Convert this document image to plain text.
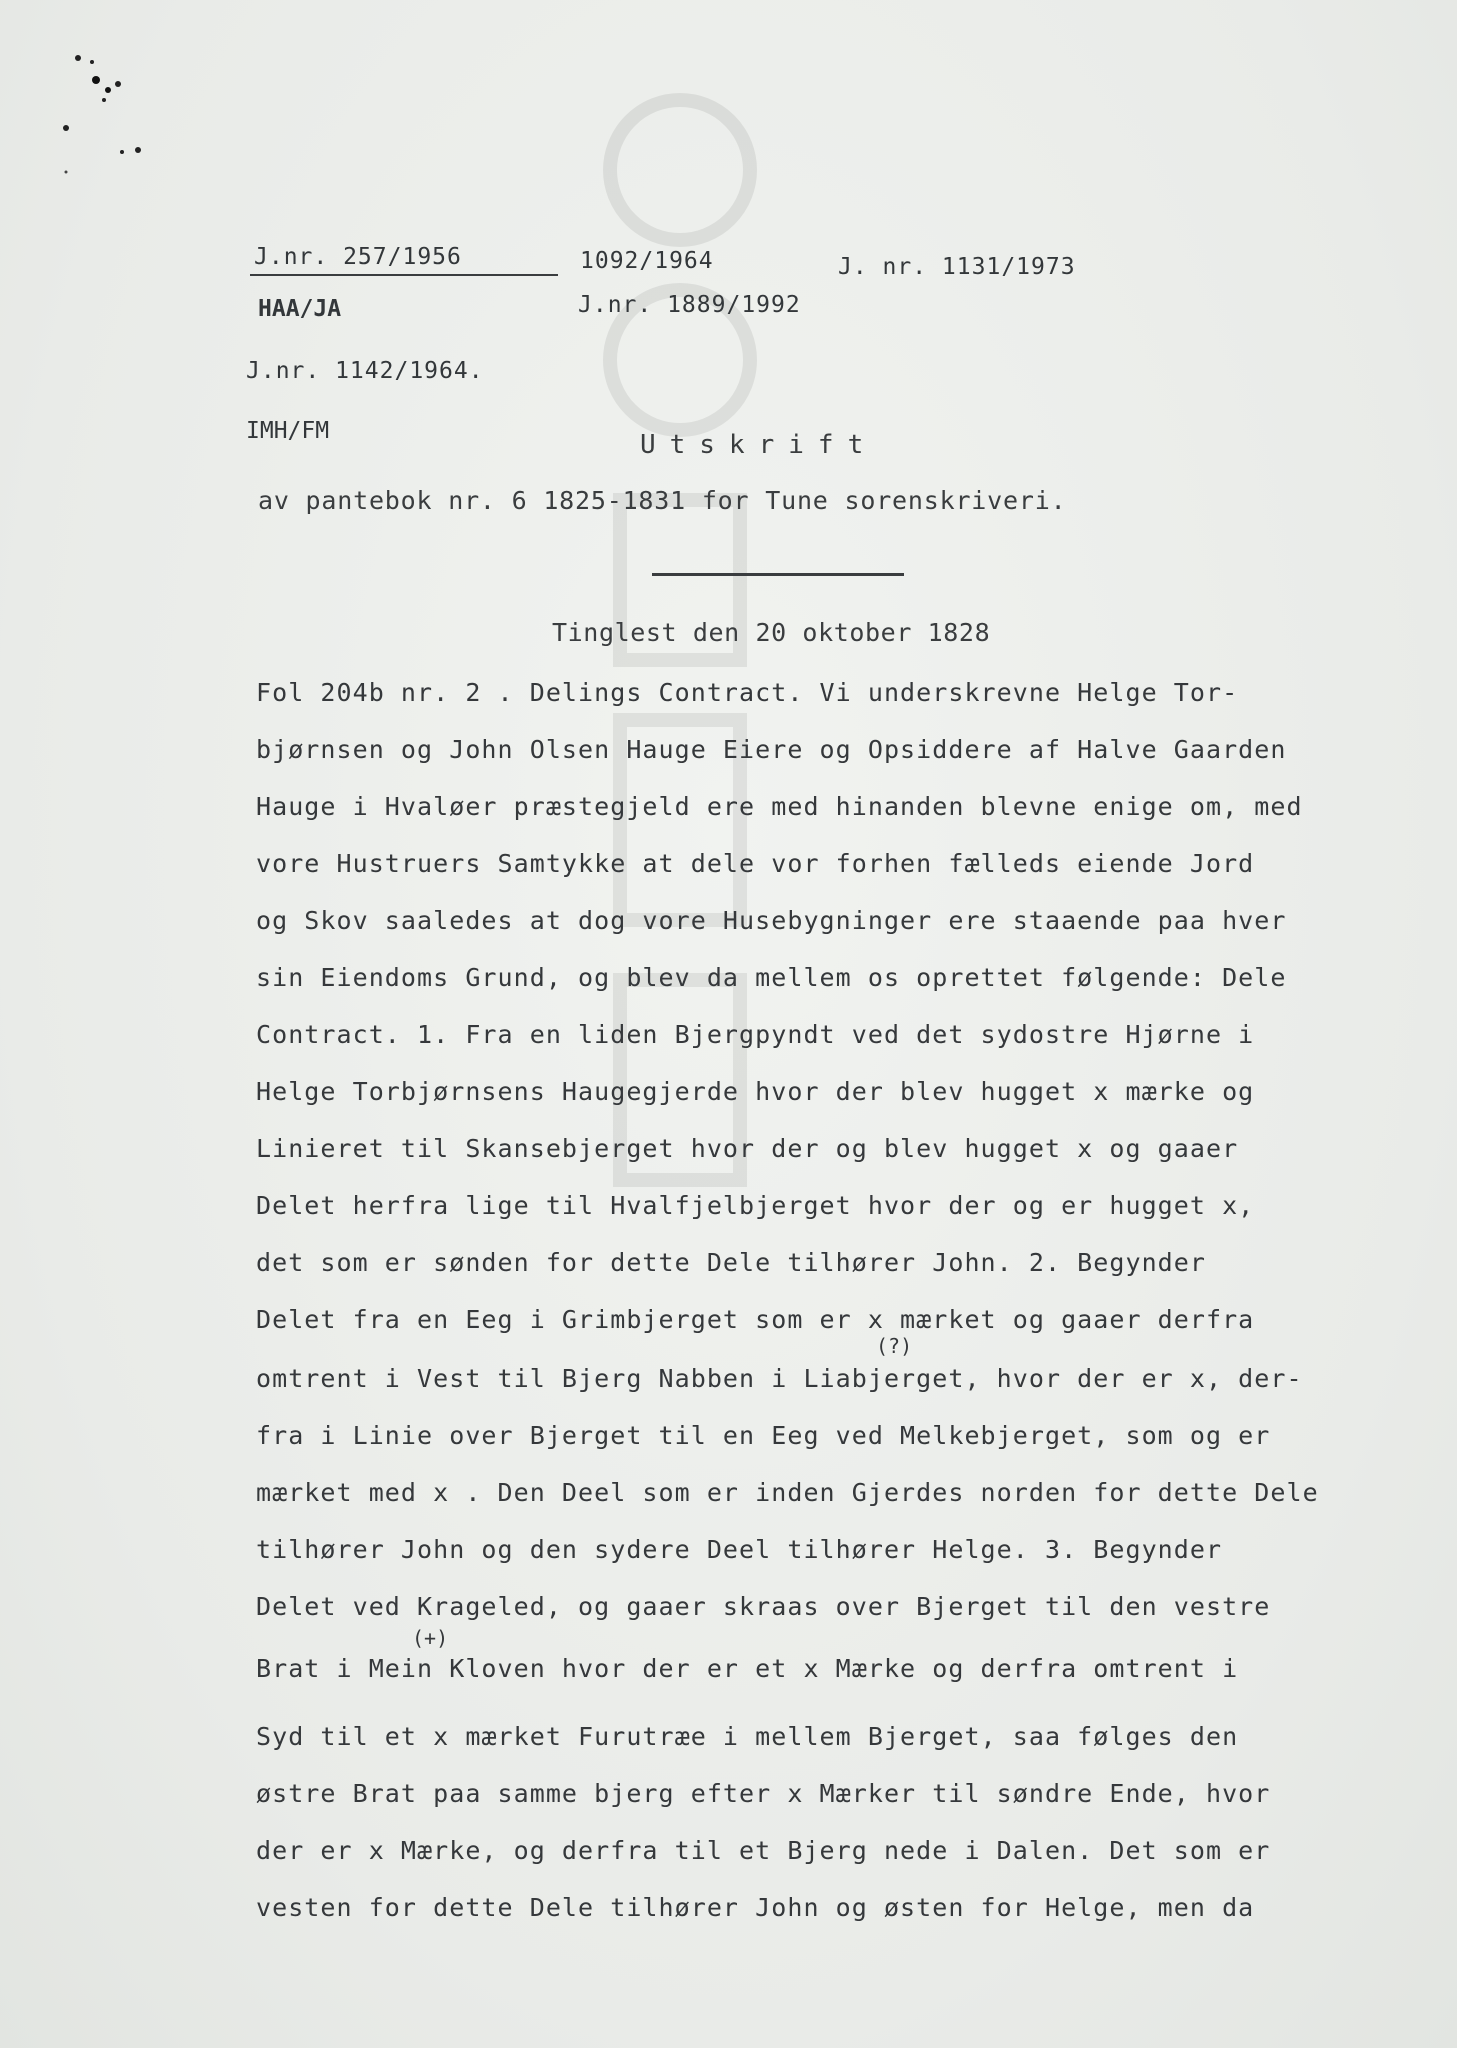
J.nr. 257/1956	1092/1964	J. nr. 1131/1973
HAA/JA	J.nr. 1889/1992
J.nr. 1142/1964.
IMH/FM	Utskrift
av pantebok nr. 6 1825-1831 for Tune sorenskriveri.
Tinglest den 20 oktober 1828
Fol 204b nr. 2 . Delings Contract. Vi underskrevne Helge Tor-
bjørnsen og John Olsen Hauge Eiere og Opsiddere af Halve Gaarden
Hauge i Hvaløer præstegjeld ere med hinanden blevne enige om, med
vore Hustruers Samtykke at dele vor forhen fælleds eiende Jord
og Skov saaledes at dog vore Husebygninger ere staaende paa hver
sin Eiendoms Grund, og blev da mellem os oprettet følgende: Dele
Contract. 1. Fra en liden Bjergpyndt ved det sydostre Hjørne i
Helge Torbjørnsens Haugegjerde hvor der blev hugget x mærke og
Linieret til Skansebjerget hvor der og blev hugget x og gaaer
Delet herfra lige til Hvalfjelbjerget hvor der og er hugget x,
det som er sønden for dette Dele tilhører John. 2. Begynder
Delet fra en Eeg i Grimbjerget som er x mærket og gaaer derfra
(?)
omtrent i Vest til Bjerg Nabben i Liabjerget, hvor der er x, der-
fra i Linie over Bjerget til en Eeg ved Melkebjerget, som og er
mærket med x . Den Deel som er inden Gjerdes norden for dette Dele
tilhører John og den sydere Deel tilhører Helge. 3. Begynder
Delet ved Krageled, og gaaer skraas over Bjerget til den vestre
(+)
Brat i Mein Kloven hvor der er et x Mærke og derfra omtrent i
Syd til et x mærket Furutræe i mellem Bjerget, saa følges den
østre Brat paa samme bjerg efter x Mærker til søndre Ende, hvor
der er x Mærke, og derfra til et Bjerg nede i Dalen. Det som er
vesten for dette Dele tilhører John og østen for Helge, men da
